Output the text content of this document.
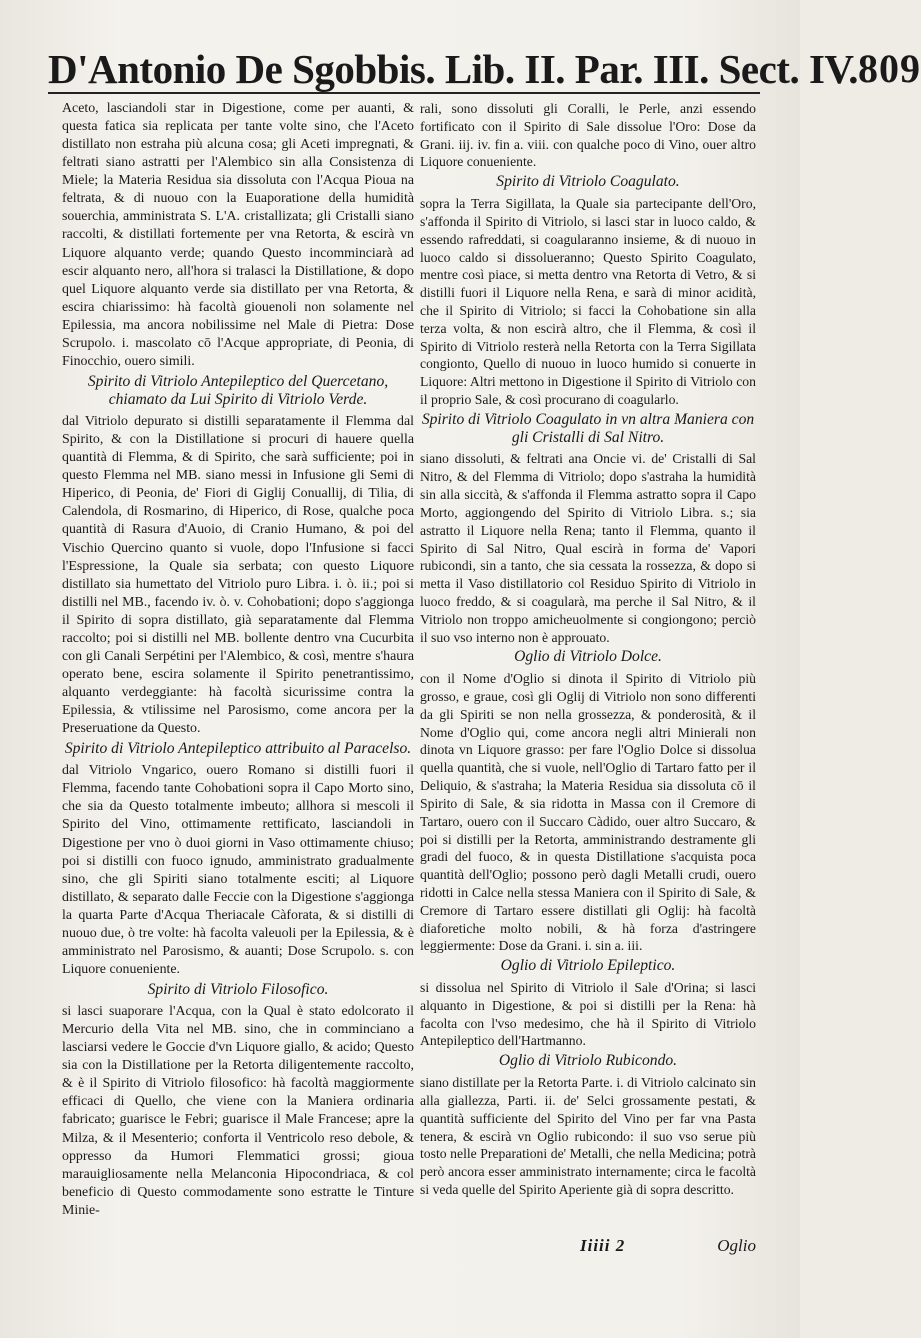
D'Antonio De Sgobbis. Lib. II. Par. III. Sect. IV. 809

Aceto, lasciandoli star in Digestione, come per auanti, & questa fatica sia replicata per tante volte sino, che l'Aceto distillato non estraha più alcuna cosa; gli Aceti impregnati, & feltrati siano astratti per l'Alembico sin alla Consistenza di Miele; la Materia Residua sia dissoluta con l'Acqua Pioua na feltrata, & di nuouo con la Euaporatione della humidità souerchia, amministrata S. L'A. cristallizata; gli Cristalli siano raccolti, & distillati fortemente per vna Retorta, & escirà vn Liquore alquanto verde; quando Questo incomminciarà ad escir alquanto nero, all'hora si tralasci la Distillatione, & dopo quel Liquore alquanto verde sia distillato per vna Retorta, & escira chiarissimo: hà facoltà giouenoli non solamente nel Epilessia, ma ancora nobilissime nel Male di Pietra: Dose Scrupolo. i. mascolato cō l'Acque appropriate, di Peonia, di Finocchio, ouero simili.

Spirito di Vitriolo Antepileptico del Quercetano, chiamato da Lui Spirito di Vitriolo Verde.

dal Vitriolo depurato si distilli separatamente il Flemma dal Spirito, & con la Distillatione si procuri di hauere quella quantità di Flemma, & di Spirito, che sarà sufficiente; poi in questo Flemma nel MB. siano messi in Infusione gli Semi di Hiperico, di Peonia, de' Fiori di Giglij Conuallij, di Tilia, di Calendola, di Rosmarino, di Hiperico, di Rose, qualche poca quantità di Rasura d'Auoio, di Cranio Humano, & poi del Vischio Quercino quanto si vuole, dopo l'Infusione si facci l'Espressione, la Quale sia serbata; con questo Liquore distillato sia humettato del Vitriolo puro Libra. i. ò. ii.; poi si distilli nel MB., facendo iv. ò. v. Cohobationi; dopo s'aggionga il Spirito di sopra distillato, già separatamente dal Flemma raccolto; poi si distilli nel MB. bollente dentro vna Cucurbita con gli Canali Serpétini per l'Alembico, & così, mentre s'haura operato bene, escira solamente il Spirito penetrantissimo, alquanto verdeggiante: hà facoltà sicurissime contra la Epilessia, & vtilissime nel Parosismo, come ancora per la Preseruatione da Questo.

Spirito di Vitriolo Antepileptico attribuito al Paracelso.

dal Vitriolo Vngarico, ouero Romano si distilli fuori il Flemma, facendo tante Cohobationi sopra il Capo Morto sino, che sia da Questo totalmente imbeuto; allhora si mescoli il Spirito del Vino, ottimamente rettificato, lasciandoli in Digestione per vno ò duoi giorni in Vaso ottimamente chiuso; poi si distilli con fuoco ignudo, amministrato gradualmente sino, che gli Spiriti siano totalmente esciti; al Liquore distillato, & separato dalle Feccie con la Digestione s'aggionga la quarta Parte d'Acqua Theriacale Càforata, & si distilli di nuouo due, ò tre volte: hà facolta valeuoli per la Epilessia, & è amministrato nel Parosismo, & auanti; Dose Scrupolo. s. con Liquore conueniente.

Spirito di Vitriolo Filosofico.

si lasci suaporare l'Acqua, con la Qual è stato edolcorato il Mercurio della Vita nel MB. sino, che in comminciano a lasciarsi vedere le Goccie d'vn Liquore giallo, & acido; Questo sia con la Distillatione per la Retorta diligentemente raccolto, & è il Spirito di Vitriolo filosofico: hà facoltà maggiormente efficaci di Quello, che viene con la Maniera ordinaria fabricato; guarisce le Febri; guarisce il Male Francese; apre la Milza, & il Mesenterio; conforta il Ventricolo reso debole, & oppresso da Humori Flemmatici grossi; gioua marauigliosamente nella Melanconia Hipocondriaca, & col beneficio di Questo commodamente sono estratte le Tinture Minie-

rali, sono dissoluti gli Coralli, le Perle, anzi essendo fortificato con il Spirito di Sale dissolue l'Oro: Dose da Grani. iij. iv. fin a. viii. con qualche poco di Vino, ouer altro Liquore conueniente.

Spirito di Vitriolo Coagulato.

sopra la Terra Sigillata, la Quale sia partecipante dell'Oro, s'affonda il Spirito di Vitriolo, si lasci star in luoco caldo, & essendo rafreddati, si coagularanno insieme, & di nuouo in luoco caldo si dissolueranno; Questo Spirito Coagulato, mentre così piace, si metta dentro vna Retorta di Vetro, & si distilli fuori il Liquore nella Rena, e sarà di minor acidità, che il Spirito di Vitriolo; si facci la Cohobatione sin alla terza volta, & non escirà altro, che il Flemma, & così il Spirito di Vitriolo resterà nella Retorta con la Terra Sigillata congionto, Quello di nuouo in luoco humido si conuerte in Liquore: Altri mettono in Digestione il Spirito di Vitriolo con il proprio Sale, & così procurano di coagularlo.

Spirito di Vitriolo Coagulato in vn altra Maniera con gli Cristalli di Sal Nitro.

siano dissoluti, & feltrati ana Oncie vi. de' Cristalli di Sal Nitro, & del Flemma di Vitriolo; dopo s'astraha la humidità sin alla siccità, & s'affonda il Flemma astratto sopra il Capo Morto, aggiongendo del Spirito di Vitriolo Libra. s.; sia astratto il Liquore nella Rena; tanto il Flemma, quanto il Spirito di Sal Nitro, Qual escirà in forma de' Vapori rubicondi, sin a tanto, che sia cessata la rossezza, & dopo si metta il Vaso distillatorio col Residuo Spirito di Vitriolo in luoco freddo, & si coagularà, ma perche il Sal Nitro, & il Vitriolo non troppo amicheuolmente si congiongono; perciò il suo vso interno non è approuato.

Oglio di Vitriolo Dolce.

con il Nome d'Oglio si dinota il Spirito di Vitriolo più grosso, e graue, così gli Oglij di Vitriolo non sono differenti da gli Spiriti se non nella grossezza, & ponderosità, & il Nome d'Oglio qui, come ancora negli altri Minierali non dinota vn Liquore grasso: per fare l'Oglio Dolce si dissolua quella quantità, che si vuole, nell'Oglio di Tartaro fatto per il Deliquio, & s'astraha; la Materia Residua sia dissoluta cō il Spirito di Sale, & sia ridotta in Massa con il Cremore di Tartaro, ouero con il Succaro Càdido, ouer altro Succaro, & poi si distilli per la Retorta, amministrando destramente gli gradi del fuoco, & in questa Distillatione s'acquista poca quantità dell'Oglio; possono però dagli Metalli crudi, ouero ridotti in Calce nella stessa Maniera con il Spirito di Sale, & Cremore di Tartaro essere distillati gli Oglij: hà facoltà diaforetiche molto nobili, & hà forza d'astringere leggiermente: Dose da Grani. i. sin a. iii.

Oglio di Vitriolo Epileptico.

si dissolua nel Spirito di Vitriolo il Sale d'Orina; si lasci alquanto in Digestione, & poi si distilli per la Rena: hà facolta con l'vso medesimo, che hà il Spirito di Vitriolo Antepileptico dell'Hartmanno.

Oglio di Vitriolo Rubicondo.

siano distillate per la Retorta Parte. i. di Vitriolo calcinato sin alla giallezza, Parti. ii. de' Selci grossamente pestati, & quantità sufficiente del Spirito del Vino per far vna Pasta tenera, & escirà vn Oglio rubicondo: il suo vso serue più tosto nelle Preparationi de' Metalli, che nella Medicina; potrà però ancora esser amministrato internamente; circa le facoltà si veda quelle del Spirito Aperiente già di sopra descritto.

Iiiii 2	Oglio
